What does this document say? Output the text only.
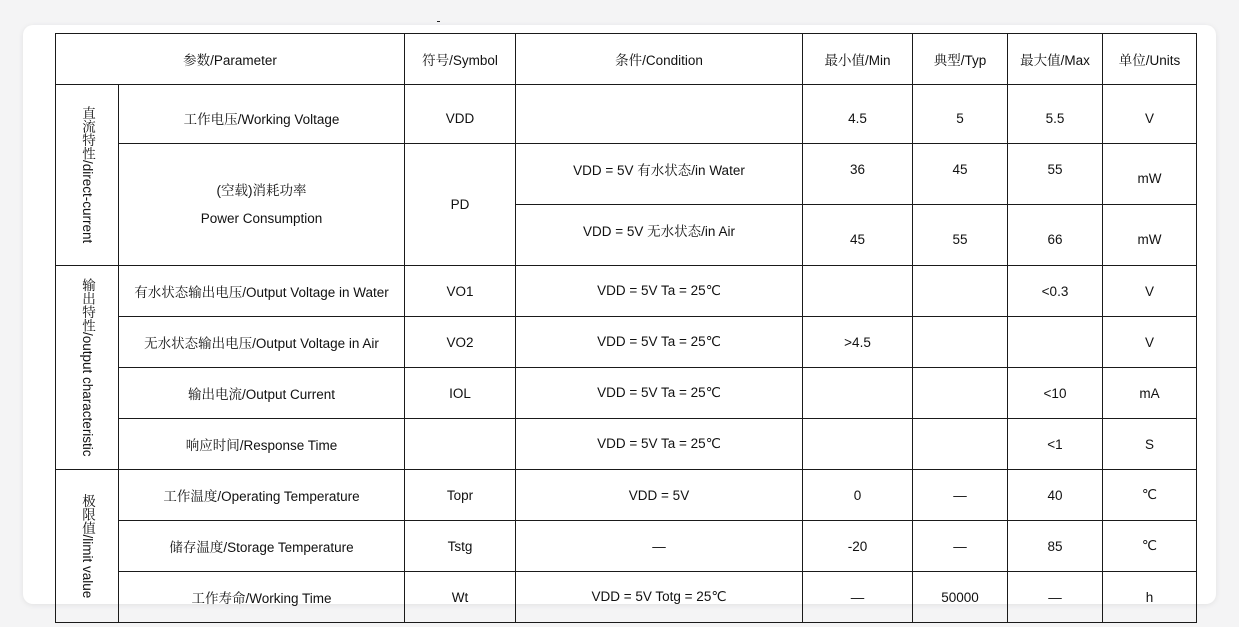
参数/Parameter		符号/Symbol	条件/Condition	最小值/Min	典型/Typ	最大值/Max	单位/Units

直流特性/direct-current	工作电压/Working Voltage	VDD		4.5	5	5.5	V

	(空载)消耗功率
Power Consumption	PD	VDD = 5V 有水状态/in Water	36	45	55	mW
			VDD = 5V 无水状态/in Air	45	55	66	mW

输出特性/output characteristic	有水状态输出电压/Output Voltage in Water	VO1	VDD = 5V Ta = 25℃			<0.3	V
	无水状态输出电压/Output Voltage in Air	VO2	VDD = 5V Ta = 25℃	>4.5			V
	输出电流/Output Current	IOL	VDD = 5V Ta = 25℃			<10	mA
	响应时间/Response Time		VDD = 5V Ta = 25℃			<1	S

极限值/limit value	工作温度/Operating Temperature	Topr	VDD = 5V	0	—	40	℃
	储存温度/Storage Temperature	Tstg	—	-20	—	85	℃
	工作寿命/Working Time	Wt	VDD = 5V Totg = 25℃	—	50000	—	h
